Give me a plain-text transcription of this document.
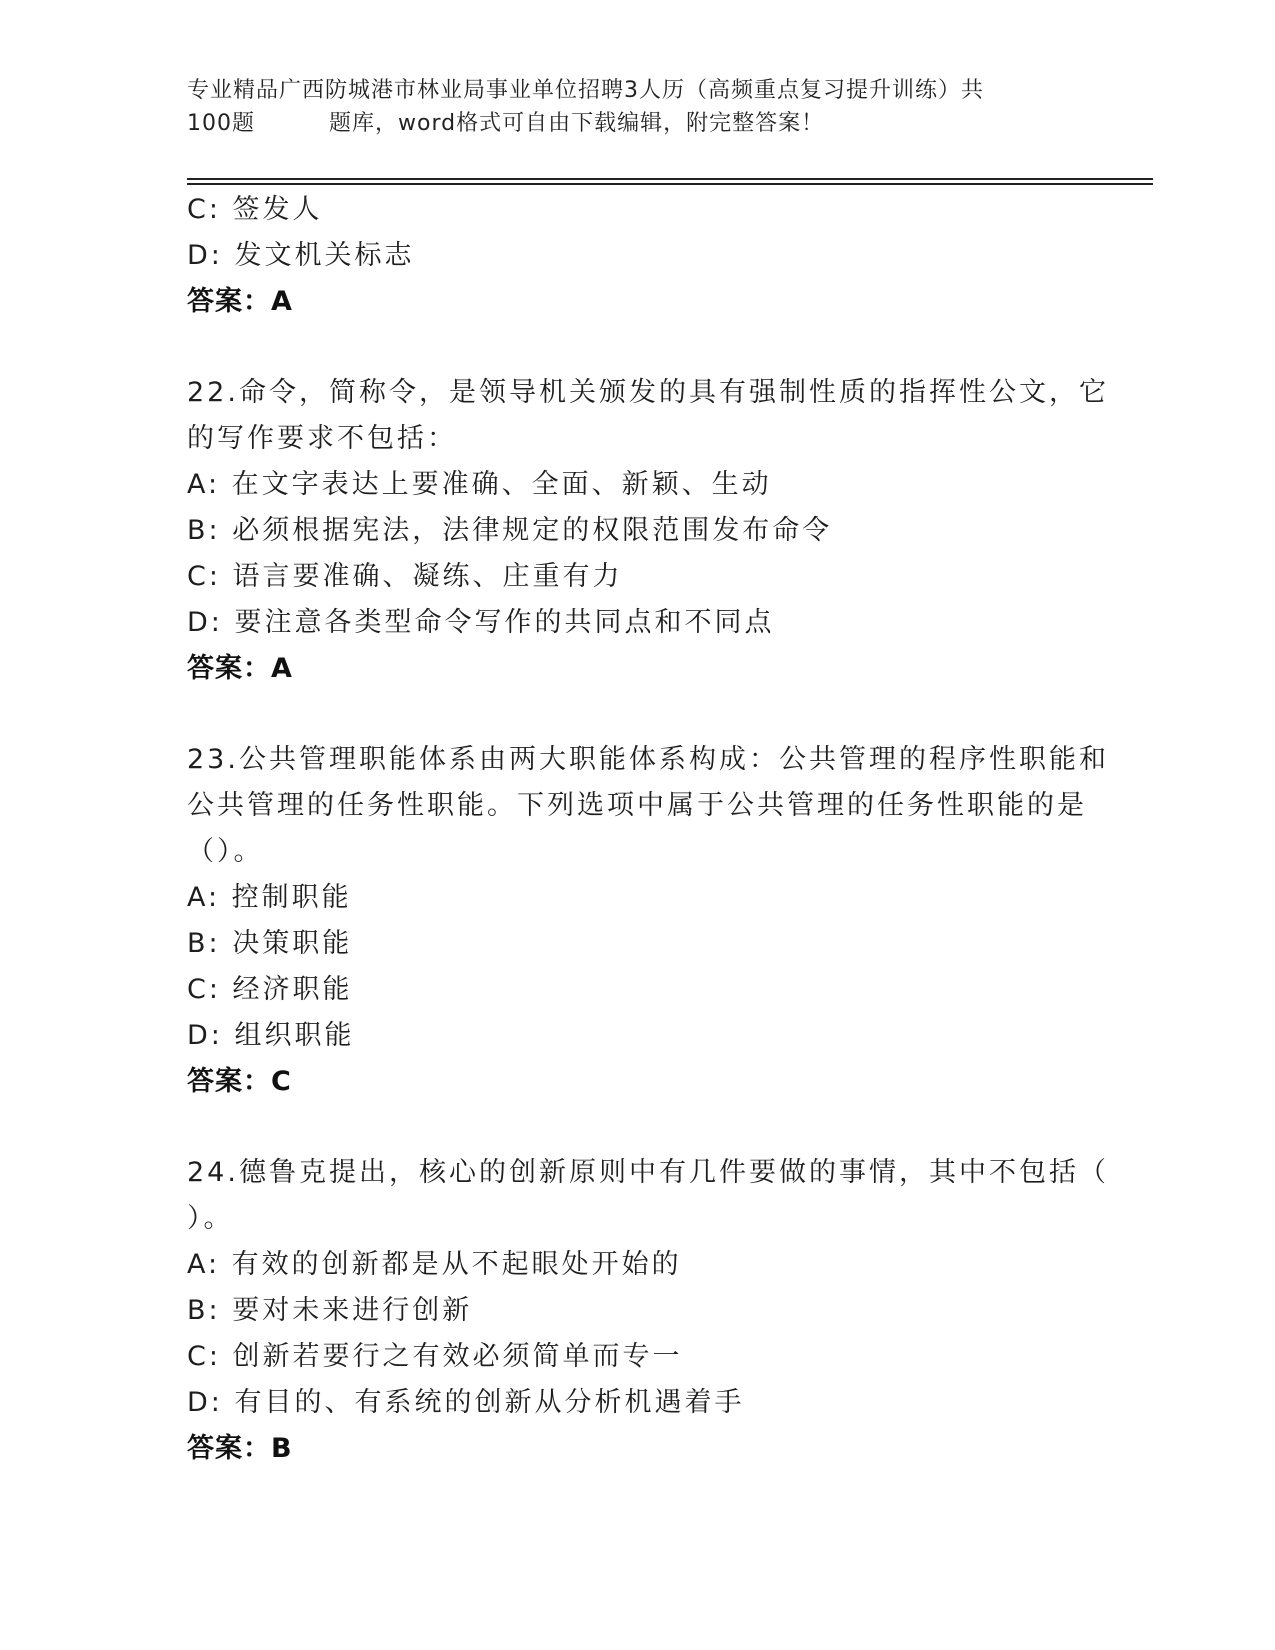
专业精品广西防城港市林业局事业单位招聘3人历（高频重点复习提升训练）共
100题	题库，word格式可自由下载编辑，附完整答案！
C: 签发人
D: 发文机关标志
答案：A
22.命令，简称令，是领导机关颁发的具有强制性质的指挥性公文，它
的写作要求不包括：
A: 在文字表达上要准确、全面、新颖、生动
B: 必须根据宪法，法律规定的权限范围发布命令
C: 语言要准确、凝练、庄重有力
D: 要注意各类型命令写作的共同点和不同点
答案：A
23.公共管理职能体系由两大职能体系构成：公共管理的程序性职能和
公共管理的任务性职能。下列选项中属于公共管理的任务性职能的是
（）。
A: 控制职能
B: 决策职能
C: 经济职能
D: 组织职能
答案：C
24.德鲁克提出，核心的创新原则中有几件要做的事情，其中不包括（
）。
A: 有效的创新都是从不起眼处开始的
B: 要对未来进行创新
C: 创新若要行之有效必须简单而专一
D: 有目的、有系统的创新从分析机遇着手
答案：B
